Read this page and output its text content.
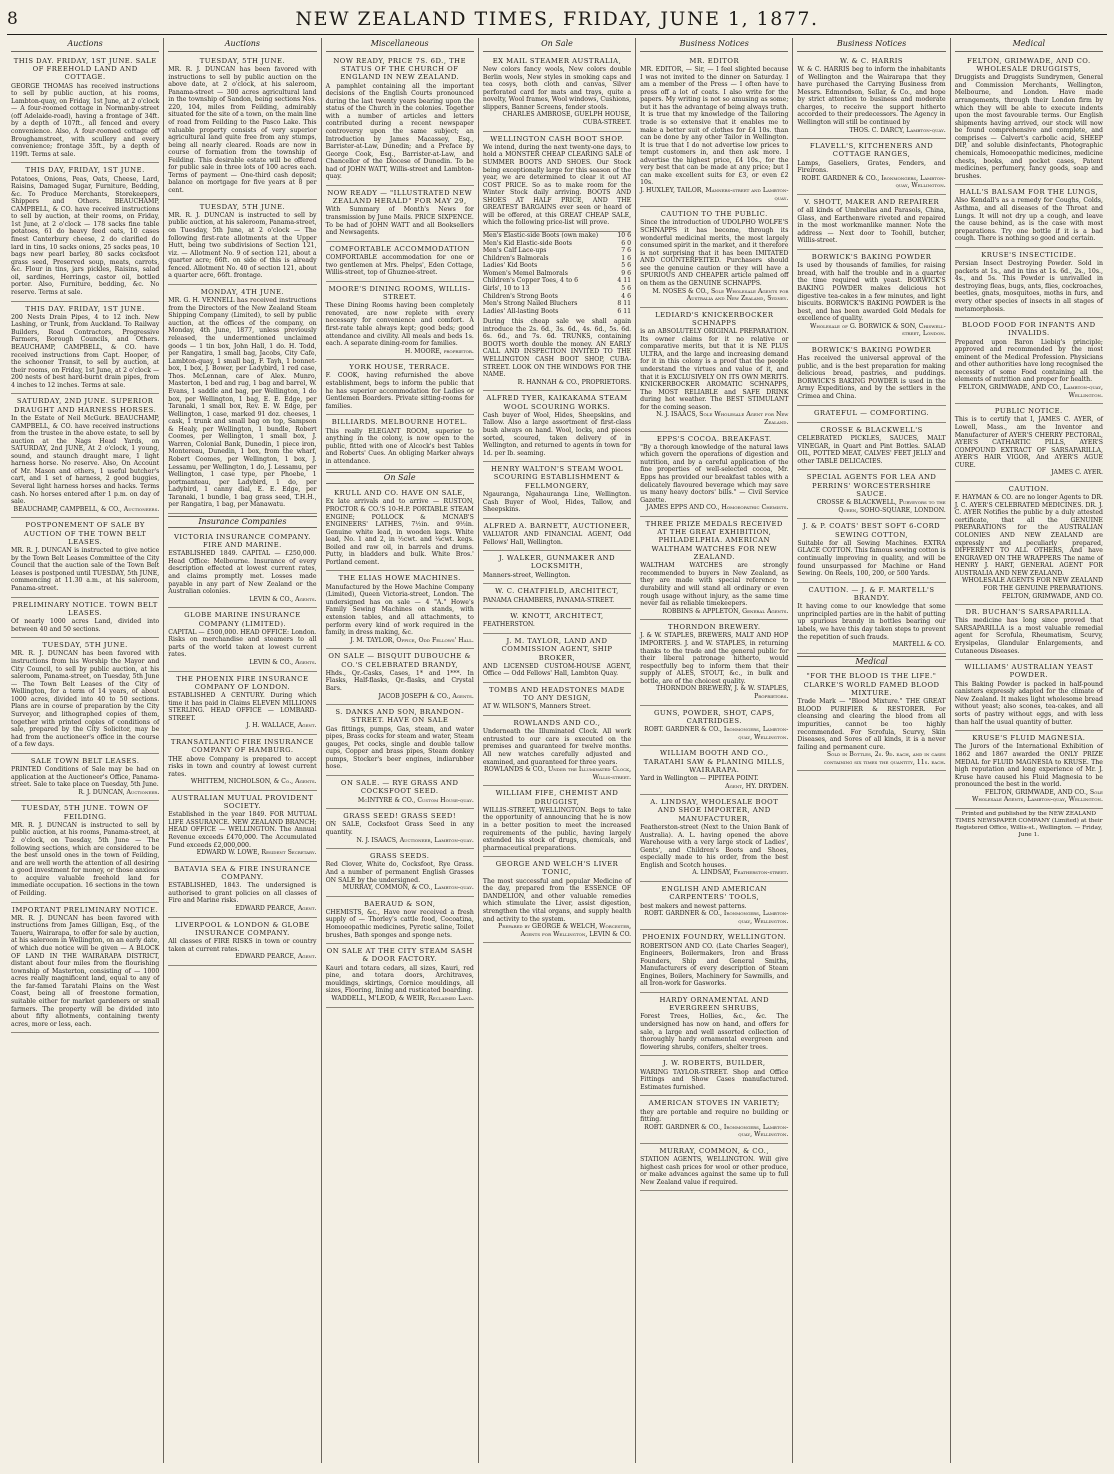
8	NEW ZEALAND TIMES, FRIDAY, JUNE 1, 1877.
Auctions
THIS DAY. FRIDAY, 1ST JUNE. SALE OF FREEHOLD LAND AND COTTAGE.
GEORGE THOMAS has received instructions to sell by public auction, at his rooms, Lambton-quay, on Friday, 1st June, at 2 o'clock — A four-roomed cottage in Normanby-street (off Adelaide-road), having a frontage of 34ft. by a depth of 107ft., all fenced and every convenience. Also, A four-roomed cottage off Broughamstreet, with scullery and every convenience; frontage 35ft., by a depth of 119ft. Terms at sale.
THIS DAY, FRIDAY, 1ST JUNE.
Potatoes, Onions, Peas, Oats, Cheese, Lard, Raisins, Damaged Sugar, Furniture, Bedding, &c. To Produce Merchants, Storekeepers, Shippers and Others. BEAUCHAMP, CAMPBELL, & CO. have received instructions to sell by auction, at their rooms, on Friday, 1st June, at 2 o'clock — 178 sacks fine table potatoes, 61 do heavy feed oats, 10 cases finest Canterbury cheese, 2 do clarified do lard in tins, 10 sacks onions, 25 sacks peas, 10 bags new pearl barley, 80 sacks cocksfoot grass seed, Preserved soup, meats, carrots, &c. Flour in tins, jars pickles, Raisins, salad oil, sardines, Herrings, castor oil, bottled porter. Also, Furniture, bedding, &c. No reserve. Terms at sale.
THIS DAY. FRIDAY, 1ST JUNE.
200 Nests Drain Pipes, 4 to 12 inch. New Lashing, or Trunk, from Auckland. To Railway Builders, Road Contractors, Progressive Farmers, Borough Councils, and Others. BEAUCHAMP, CAMPBELL, & CO. have received instructions from Capt. Hooper, of the schooner Transit, to sell by auction, at their rooms, on Friday, 1st June, at 2 o'clock — 200 nests of best hard-burnt drain pipes, from 4 inches to 12 inches. Terms at sale.
SATURDAY, 2ND JUNE. SUPERIOR DRAUGHT AND HARNESS HORSES.
In the Estate of Neil McGurk. BEAUCHAMP, CAMPBELL, & CO. have received instructions from the trustee in the above estate, to sell by auction at the Nags Head Yards, on SATURDAY, 2nd JUNE, At 2 o'clock, 1 young, sound, and staunch draught mare, 1 light harness horse. No reserve. Also, On Account of Mr. Mason and others, 1 useful butcher's cart, and 1 set of harness, 2 good buggies, Several light harness horses and hacks. Terms cash. No horses entered after 1 p.m. on day of sale.
BEAUCHAMP, CAMPBELL, & CO., Auctioneers.
POSTPONEMENT OF SALE BY AUCTION OF THE TOWN BELT LEASES.
MR. R. J. DUNCAN is instructed to give notice by the Town Belt Leases Committee of the City Council that the auction sale of the Town Belt Leases is postponed until TUESDAY, 5th JUNE, commencing at 11.30 a.m., at his saleroom, Panama-street.
PRELIMINARY NOTICE. TOWN BELT LEASES.
Of nearly 1000 acres Land, divided into between 40 and 50 sections.
TUESDAY, 5TH JUNE.
MR. R. J. DUNCAN has been favored with instructions from his Worship the Mayor and City Council, to sell by public auction, at his saleroom, Panama-street, on Tuesday, 5th June — The Town Belt Leases of the City of Wellington, for a term of 14 years, of about 1000 acres, divided into 40 to 50 sections. Plans are in course of preparation by the City Surveyor, and lithographed copies of them, together with printed copies of conditions of sale, prepared by the City Solicitor, may be had from the auctioneer's office in the course of a few days.
SALE TOWN BELT LEASES.
PRINTED Conditions of Sale may be had on application at the Auctioneer's Office, Panama-street. Sale to take place on Tuesday, 5th June.
R. J. DUNCAN, Auctioneer.
TUESDAY, 5TH JUNE. TOWN OF FEILDING.
MR. R. J. DUNCAN is instructed to sell by public auction, at his rooms, Panama-street, at 2 o'clock, on Tuesday, 5th June — The following sections, which are considered to be the best unsold ones in the town of Feilding, and are well worth the attention of all desiring a good investment for money, or those anxious to acquire valuable freehold land for immediate occupation. 16 sections in the town of Feilding.
IMPORTANT PRELIMINARY NOTICE.
MR. R. J. DUNCAN has been favored with instructions from James Gilligan, Esq., of the Taueru, Wairarapa, to offer for sale by auction, at his saleroom in Wellington, on an early date, of which due notice will be given — A BLOCK OF LAND IN THE WAIRARAPA DISTRICT, distant about four miles from the flourishing township of Masterton, consisting of — 1000 acres really magnificent land, equal to any of the far-famed Taratahi Plains on the West Coast, being all of freestone formation, suitable either for market gardeners or small farmers. The property will be divided into about fifty allotments, containing twenty acres, more or less, each.
Auctions
TUESDAY, 5TH JUNE.
MR. R. J. DUNCAN has been favored with instructions to sell by public auction on the above date, at 2 o'clock, at his saleroom, Panama-street — 300 acres agricultural land in the township of Sandon, being sections Nos. 220, 104, miles from Feilding, admirably situated for the site of a town, on the main line of road from Feilding to the Pasco Lake. This valuable property consists of very superior agricultural land quite free from any stumps, being all nearly cleared. Roads are now in course of formation from the township of Feilding. This desirable estate will be offered for public sale in three lots of 100 acres each. Terms of payment — One-third cash deposit; balance on mortgage for five years at 8 per cent.
TUESDAY, 5TH JUNE.
MR. R. J. DUNCAN is instructed to sell by public auction, at his saleroom, Panama-street, on Tuesday, 5th June, at 2 o'clock — The following first-rate allotments at the Upper Hutt, being two subdivisions of Section 121, viz. — Allotment No. 9 of section 121, about a quarter acre; 66ft. on side of this is already fenced. Allotment No. 40 of section 121, about a quarter acre, 66ft. frontage.
MONDAY, 4TH JUNE.
MR. G. H. VENNELL has received instructions from the Directors of the New Zealand Steam Shipping Company (Limited), to sell by public auction, at the offices of the company, on Monday, 4th June, 1877, unless previously released, the undermentioned unclaimed goods — 1 tin box, John Hall, 1 do. H. Todd, per Rangatira, 1 small bag, Jacobs, City Cafe, Lambton-quay, 1 small bag, F. Tayh, 1 bonnet-box, 1 box, J. Bower, per Ladybird, 1 red case, Thos. McLennan, care of Alex. Munro, Masterton, 1 bed and rug, 1 bag and barrel, W. Evans, 1 saddle and bag, per Wellington, 1 do box, per Wellington, 1 bag, E. E. Edge, per Taranaki, 1 small box, Rev. E. W. Edge, per Wellington, 1 case, marked 91 doz. cheeses, 1 cask, 1 trunk and small bag on top, Sampson & Healy, per Wellington, 1 bundle, Robert Coomes, per Wellington, 1 small box, J. Warren, Colonial Bank, Dunedin, 1 piece iron, Montereau, Dunedin, 1 box, from the wharf, Robert Coomes, per Wellington, 1 box, J. Lessamu, per Wellington, 1 do, J. Lessamu, per Wellington, 1 case type, per Phoebe, 1 portmanteau, per Ladybird, 1 do, per Ladybird, 1 canny dial, E. E. Edge, per Taranaki, 1 bundle, 1 bag grass seed, T.H.H., per Rangatira, 1 bag, per Manawatu.
Insurance Companies
VICTORIA INSURANCE COMPANY. FIRE AND MARINE.
ESTABLISHED 1849. CAPITAL — £250,000. Head Office: Melbourne. Insurance of every description effected at lowest current rates, and claims promptly met. Losses made payable in any part of New Zealand or the Australian colonies.
LEVIN & CO., Agents.
GLOBE MARINE INSURANCE COMPANY (LIMITED).
CAPITAL — £500,000. HEAD OFFICE: London. Risks on merchandise and steamers to all parts of the world taken at lowest current rates.
LEVIN & CO., Agents.
THE PHOENIX FIRE INSURANCE COMPANY OF LONDON.
ESTABLISHED A CENTURY. During which time it has paid in Claims ELEVEN MILLIONS STERLING. HEAD OFFICE — LOMBARD-STREET.
J. H. WALLACE, Agent.
TRANSATLANTIC FIRE INSURANCE COMPANY OF HAMBURG.
THE above Company is prepared to accept risks in town and country at lowest current rates.
WHITTEM, NICHOLSON, & Co., Agents.
AUSTRALIAN MUTUAL PROVIDENT SOCIETY.
Established in the year 1849. FOR MUTUAL LIFE ASSURANCE. NEW ZEALAND BRANCH; HEAD OFFICE — WELLINGTON. The Annual Revenue exceeds £470,000. The Accumulated Fund exceeds £2,000,000.
EDWARD W. LOWE, Resident Secretary.
BATAVIA SEA & FIRE INSURANCE COMPANY.
ESTABLISHED, 1843. The undersigned is authorised to grant policies on all classes of Fire and Marine risks.
EDWARD PEARCE, Agent.
LIVERPOOL & LONDON & GLOBE INSURANCE COMPANY.
All classes of FIRE RISKS in town or country taken at current rates.
EDWARD PEARCE, Agent.
Miscellaneous
NOW READY, PRICE 7S. 6D., THE STATUS OF THE CHURCH OF ENGLAND IN NEW ZEALAND.
A pamphlet containing all the important decisions of the English Courts pronounced during the last twenty years bearing upon the status of the Church in the colonies. Together with a number of articles and letters contributed during a recent newspaper controversy upon the same subject; an Introduction by James Macassey, Esq., Barrister-at-Law, Dunedin; and a Preface by George Cook, Esq., Barrister-at-Law, and Chancellor of the Diocese of Dunedin. To be had of JOHN WATT, Willis-street and Lambton-quay.
NOW READY — "ILLUSTRATED NEW ZEALAND HERALD" FOR MAY 29,
With Summary of Month's News for transmission by June Mails. PRICE SIXPENCE. To be had of JOHN WATT and all Booksellers and Newsagents.
COMFORTABLE ACCOMMODATION
COMFORTABLE accommodation for one or two gentlemen at Mrs. Phelps', Eden Cottage, Willis-street, top of Ghuznee-street.
MOORE'S DINING ROOMS, WILLIS-STREET.
These Dining Rooms having been completely renovated, are now replete with every necessary for convenience and comfort. A first-rate table always kept; good beds; good attendance and civility. All meals and beds 1s. each. A separate dining-room for families.
H. MOORE, proprietor.
YORK HOUSE, TERRACE.
F. COOK, having refurnished the above establishment, begs to inform the public that he has superior accommodation for Ladies or Gentlemen Boarders. Private sitting-rooms for families.
BILLIARDS. MELBOURNE HOTEL.
This really ELEGANT ROOM, superior to anything in the colony, is now open to the public, fitted with one of Alcock's best Tables and Roberts' Cues. An obliging Marker always in attendance.
On Sale
KRULL AND CO. HAVE ON SALE,
Ex late arrivals and to arrive — RUSTON, PROCTOR & CO.'S 10-H.P. PORTABLE STEAM ENGINE; POLLOCK & MCNAB'S ENGINEERS' LATHES, 7½in. and 9½in. Genuine white lead, in wooden kegs. White lead, No. 1 and 2, in ½cwt. and ¼cwt. kegs. Boiled and raw oil, in barrels and drums. Putty, in bladders and bulk. White Bros.' Portland cement.
THE ELIAS HOWE MACHINES.
Manufactured by the Howe Machine Company (Limited), Queen Victoria-street, London. The undersigned has on sale — 4 "A." Howe's Family Sewing Machines on stands, with extension tables, and all attachments, to perform every kind of work required in the family, in dress making, &c.
J. M. TAYLOR, Office, Odd Fellows' Hall.
ON SALE — BISQUIT DUBOUCHE & CO.'S CELEBRATED BRANDY,
Hhds., Qr.-Casks, Cases, 1* and 1***. In Flasks, Half-flasks, Qr.-flasks, and Crystal Bars.
JACOB JOSEPH & CO., Agents.
S. DANKS AND SON, BRANDON-STREET. HAVE ON SALE
Gas fittings, pumps, Gas, steam, and water pipes, Brass cocks for steam and water, Steam gauges, Pet cocks, single and double tallow cups, Copper and brass pipes, Steam donkey pumps, Stocker's beer engines, indiarubber hose.
ON SALE. — RYE GRASS AND COCKSFOOT SEED.
McINTYRE & CO., Custom House-quay.
GRASS SEED! GRASS SEED!
ON SALE, Cocksfoot Grass Seed in any quantity.
N. J. ISAACS, Auctioneer, Lambton-quay.
GRASS SEEDS.
Red Clover, White do, Cocksfoot, Rye Grass. And a number of permanent English Grasses ON SALE by the undersigned.
MURRAY, COMMON, & CO., Lambton-quay.
BAERAUD & SON,
CHEMISTS, &c., Have now received a fresh supply of — Thorley's cattle food, Cocoatina, Homoeopathic medicines, Pyretic saline, Toilet brushes, Bath sponges and sponge nets.
ON SALE AT THE CITY STEAM SASH & DOOR FACTORY.
Kauri and totara cedars, all sizes, Kauri, red pine, and totara doors, Architraves, mouldings, skirtings, Cornice mouldings, all sizes, Flooring, lining and rusticated boarding.
WADDELL, M'LEOD, & WEIR, Reclaimed Land.
On Sale
EX MAIL STEAMER AUSTRALIA,
New colors fancy wools, New colors double Berlin wools, New styles in smoking caps and tea cosys, both cloth and canvas, Silver perforated card for mats and trays, quite a novelty, Wool frames, Wool windows, Cushions, slippers, Banner Screens, fender stools.
CHARLES AMBROSE, GUELPH HOUSE, CUBA-STREET.
WELLINGTON CASH BOOT SHOP.
We intend, during the next twenty-one days, to hold a MONSTER CHEAP CLEARING SALE of SUMMER BOOTS AND SHOES. Our Stock being exceptionally large for this season of the year, we are determined to clear it out AT COST PRICE. So as to make room for the Winter Stock daily arriving. BOOTS AND SHOES AT HALF PRICE, AND THE GREATEST BARGAINS ever seen or heard of will be offered, at this GREAT CHEAP SALE, which the following price-list will prove.
Men's Elastic-side Boots (own make)	10 6
Men's Kid Elastic-side Boots	6 0
Men's Calf Lace-ups	7 6
Children's Balmorals	1 6
Ladies' Kid Boots	5 6
Women's Memel Balmorals	9 6
Children's Copper Toes, 4 to 6	4 11
Girls', 10 to 13	5 6
Children's Strong Boots	4 6
Men's Strong Nailed Bluchers	8 11
Ladies' All-lasting Boots	6 11
During this cheap sale we shall again introduce the 2s. 6d., 3s. 6d., 4s. 6d., 5s. 6d. 6s. 6d., and 7s. 6d. TRUNKS, containing BOOTS worth double the money. AN EARLY CALL AND INSPECTION INVITED TO THE WELLINGTON CASH BOOT SHOP, CUBA-STREET. LOOK ON THE WINDOWS FOR THE NAME.
R. HANNAH & CO., PROPRIETORS.
ALFRED TYER, KAIKAKAMA STEAM WOOL SCOURING WORKS.
Cash buyer of Wool, Hides, Sheepskins, and Tallow. Also a large assortment of first-class bush always on hand. Wool, locks, and pieces sorted, scoured, taken delivery of in Wellington, and returned to agents in town for 1d. per lb. seaming.
HENRY WALTON'S STEAM WOOL SCOURING ESTABLISHMENT & FELLMONGERY,
Ngauranga, Ngahauranga Line, Wellington. Cash Buyer of Wool, Hides, Tallow, and Sheepskins.
ALFRED A. BARNETT, AUCTIONEER,
VALUATOR AND FINANCIAL AGENT, Odd Fellows' Hall, Wellington.
J. WALKER, GUNMAKER AND LOCKSMITH,
Manners-street, Wellington.
W. C. CHATFIELD, ARCHITECT,
PANAMA CHAMBERS, PANAMA-STREET.
W. KNOTT, ARCHITECT,
FEATHERSTON.
J. M. TAYLOR, LAND AND COMMISSION AGENT, SHIP BROKER,
AND LICENSED CUSTOM-HOUSE AGENT, Office — Odd Fellows' Hall, Lambton Quay.
TOMBS AND HEADSTONES MADE TO ANY DESIGN,
AT W. WILSON'S, Manners Street.
ROWLANDS AND CO.,
Underneath the Illuminated Clock. All work entrusted to our care is executed on the premises and guaranteed for twelve months. All new watches carefully adjusted and examined, and guaranteed for three years.
ROWLANDS & CO., Under the Illuminated Clock, Willis-street.
WILLIAM FIFE, CHEMIST AND DRUGGIST,
WILLIS-STREET, WELLINGTON. Begs to take the opportunity of announcing that he is now in a better position to meet the increased requirements of the public, having largely extended his stock of drugs, chemicals, and pharmaceutical preparations.
GEORGE AND WELCH'S LIVER TONIC,
The most successful and popular Medicine of the day, prepared from the ESSENCE OF DANDELION, and other valuable remedies which stimulate the Liver, assist digestion, strengthen the vital organs, and supply health and activity to the system.
Prepared by GEORGE & WELCH, Worcester, Agents for Wellington, LEVIN & CO.
Business Notices
MR. EDITOR
MR. EDITOR, — Sir, — I feel slighted because I was not invited to the dinner on Saturday. I am a member of the Press — I often have to press off a lot of coats. I also write for the papers. My writing is not so amusing as some; but it has the advantage of being always truth. It is true that my knowledge of the Tailoring trade is so extensive that it enables me to make a better suit of clothes for £4 10s. than can be done by any other Tailor in Wellington. It is true that I do not advertise low prices to tempt customers in, and then ask more. I advertise the highest price, £4 10s., for the very best that can be made at any price; but I can make excellent suits for £3, or even £2 10s.
J. HUXLEY, TAILOR, Manners-street and Lambton-quay.
CAUTION TO THE PUBLIC.
Since the introduction of UDOLPHO WOLFE'S SCHNAPPS it has become, through its wonderful medicinal merits, the most largely consumed spirit in the market, and it therefore is not surprising that it has been IMITATED AND COUNTERFEITED. Purchasers should see the genuine caution or they will have a SPURIOUS AND CHEAPER article palmed off on them as the GENUINE SCHNAPPS.
M. NOSES & CO., Sole Wholesale Agents for Australia and New Zealand, Sydney.
LEDIARD'S KNICKERBOCKER SCHNAPPS
is an ABSOLUTELY ORIGINAL PREPARATION. Its owner claims for it no relative or comparative merits, but that it is NE PLUS ULTRA, and the large and increasing demand for it in this colony is a proof that the people understand the virtues and value of it, and that it is EXCLUSIVELY ON ITS OWN MERITS. KNICKERBOCKER AROMATIC SCHNAPPS, The MOST RELIABLE and SAFE DRINK during hot weather. The BEST STIMULANT for the coming season.
N. J. ISAACS, Sole Wholesale Agent for New Zealand.
EPPS'S COCOA. BREAKFAST.
"By a thorough knowledge of the natural laws which govern the operations of digestion and nutrition, and by a careful application of the fine properties of well-selected cocoa, Mr. Epps has provided our breakfast tables with a delicately flavoured beverage which may save us many heavy doctors' bills." — Civil Service Gazette.
JAMES EPPS AND CO., Homoeopathic Chemists.
THREE PRIZE MEDALS RECEIVED AT THE GREAT EXHIBITION, PHILADELPHIA. AMERICAN WALTHAM WATCHES FOR NEW ZEALAND.
WALTHAM WATCHES are strongly recommended to buyers in New Zealand, as they are made with special reference to durability and will stand all ordinary or even rough usage without injury, as the same time never fail as reliable timekeepers.
ROBBINS & APPLETON, General Agents.
THORNDON BREWERY.
J. & W. STAPLES, BREWERS, MALT AND HOP IMPORTERS. J. and W. STAPLES, in returning thanks to the trade and the general public for their liberal patronage hitherto, would respectfully beg to inform them that their supply of ALES, STOUT, &c., in bulk and bottle, are of the choicest quality.
THORNDON BREWERY, J. & W. STAPLES, Proprietors.
GUNS, POWDER, SHOT, CAPS, CARTRIDGES.
ROBT. GARDNER & CO., Ironmongers, Lambton-quay, Wellington.
WILLIAM BOOTH AND CO., TARATAHI SAW & PLANING MILLS, WAIRARAPA.
Yard in Wellington — PIPITEA POINT.
Agent, HY. DRYDEN.
A. LINDSAY, WHOLESALE BOOT AND SHOE IMPORTER, AND MANUFACTURER,
Featherston-street (Next to the Union Bank of Australia). A. L. having opened the above Warehouse with a very large stock of Ladies', Gents', and Children's Boots and Shoes, especially made to his order, from the best English and Scotch houses.
A. LINDSAY, Featherston-street.
ENGLISH AND AMERICAN CARPENTERS' TOOLS,
best makers and newest patterns.
ROBT. GARDNER & CO., Ironmongers, Lambton-quay, Wellington.
PHOENIX FOUNDRY, WELLINGTON.
ROBERTSON AND CO. (Late Charles Seager), Engineers, Boilermakers, Iron and Brass Founders, Ship and General Smiths, Manufacturers of every description of Steam Engines, Boilers, Machinery for Sawmills, and all Iron-work for Gasworks.
HARDY ORNAMENTAL AND EVERGREEN SHRUBS,
Forest Trees, Hollies, &c., &c. The undersigned has now on hand, and offers for sale, a large and well assorted collection of thoroughly hardy ornamental evergreen and flowering shrubs, conifers, shelter trees.
J. W. ROBERTS, BUILDER,
WARING TAYLOR-STREET. Shop and Office Fittings and Show Cases manufactured. Estimates furnished.
AMERICAN STOVES IN VARIETY;
they are portable and require no building or fitting.
ROBT. GARDNER & CO., Ironmongers, Lambton-quay, Wellington.
MURRAY, COMMON, & CO.,
STATION AGENTS, WELLINGTON. Will give highest cash prices for wool or other produce, or make advances against the same up to full New Zealand value if required.
Business Notices
W. & C. HARRIS
W. & C. HARRIS beg to inform the inhabitants of Wellington and the Wairarapa that they have purchased the Carrying Business from Messrs. Edmondson, Sellar, & Co., and hope by strict attention to business and moderate charges, to receive the support hitherto accorded to their predecessors. The Agency in Wellington will still be continued by
THOS. C. DARCY, Lambton-quay.
FLAVELL'S, KITCHENERS AND COTTAGE RANGES,
Lamps, Gaseliers, Grates, Fenders, and Fireirons.
ROBT. GARDNER & CO., Ironmongers, Lambton-quay, Wellington.
V. SHOTT, MAKER AND REPAIRER
of all kinds of Umbrellas and Parasols, China, Glass, and Earthenware riveted and repaired in the most workmanlike manner. Note the address — Next door to Toohill, butcher, Willis-street.
BORWICK'S BAKING POWDER
Is used by thousands of families, for raising bread, with half the trouble and in a quarter the time required with yeast. BORWICK'S BAKING POWDER makes delicious hot digestive tea-cakes in a few minutes, and light biscuits. BORWICK'S BAKING POWDER is the best, and has been awarded Gold Medals for excellence of quality.
Wholesale of G. BORWICK & SON, Chiswell-street, London.
BORWICK'S BAKING POWDER
Has received the universal approval of the public, and is the best preparation for making delicious bread, pastries, and puddings. BORWICK'S BAKING POWDER is used in the Army Expeditions, and by the settlers in the Crimea and China.
GRATEFUL — COMFORTING.
CROSSE & BLACKWELL'S
CELEBRATED PICKLES, SAUCES, MALT VINEGAR, in Quart and Pint Bottles. SALAD OIL, POTTED MEAT, CALVES' FEET JELLY and other TABLE DELICACIES.
SPECIAL AGENTS FOR LEA AND PERRINS' WORCESTERSHIRE SAUCE.
CROSSE & BLACKWELL, Purveyors to the Queen, SOHO-SQUARE, LONDON.
J. & P. COATS' BEST SOFT 6-CORD SEWING COTTON,
Suitable for all Sewing Machines. EXTRA GLACE COTTON. This famous sewing cotton is continually improving in quality, and will be found unsurpassed for Machine or Hand Sewing. On Reels, 100, 200, or 500 Yards.
CAUTION. — J. & F. MARTELL'S BRANDY.
It having come to our knowledge that some unprincipled parties are in the habit of putting up spurious brandy in bottles bearing our labels, we have this day taken steps to prevent the repetition of such frauds.
MARTELL & CO.
Medical
"FOR THE BLOOD IS THE LIFE." CLARKE'S WORLD FAMED BLOOD MIXTURE.
Trade Mark — "Blood Mixture." THE GREAT BLOOD PURIFIER & RESTORER. For cleansing and clearing the blood from all impurities, cannot be too highly recommended. For Scrofula, Scurvy, Skin Diseases, and Sores of all kinds, it is a never failing and permanent cure.
Sold in Bottles, 2s. 9d. each, and in cases containing six times the quantity, 11s. each.
Medical
FELTON, GRIMWADE, AND CO. WHOLESALE DRUGGISTS,
Druggists and Druggists Sundrymen, General and Commission Merchants, Wellington, Melbourne, and London. Have made arrangements, through their London firm by which they will be able to execute indents upon the most favourable terms. Our English shipments having arrived, our stock will now be found comprehensive and complete, and comprises — Calvert's carbolic acid, SHEEP DIP, and soluble disinfectants, Photographic chemicals, Homoeopathic medicines, medicine chests, books, and pocket cases, Patent medicines, perfumery, fancy goods, soap and brushes.
HALL'S BALSAM FOR THE LUNGS,
Also Kendall's as a remedy for Coughs, Colds, Asthma, and all diseases of the Throat and Lungs. It will not dry up a cough, and leave the cause behind, as is the case with most preparations. Try one bottle if it is a bad cough. There is nothing so good and certain.
KRUSE'S INSECTICIDE.
Persian Insect Destroying Powder. Sold in packets at 1s., and in tins at 1s. 6d., 2s., 10s., 4s., and 5s. This Powder is unrivalled in destroying fleas, bugs, ants, flies, cockroaches, beetles, gnats, mosquitoes, moths in furs, and every other species of insects in all stages of metamorphosis.
BLOOD FOOD FOR INFANTS AND INVALIDS.
Prepared upon Baron Liebig's principle; approved and recommended by the most eminent of the Medical Profession. Physicians and other authorities have long recognised the necessity of some Food containing all the elements of nutrition and proper for health.
FELTON, GRIMWADE, AND CO., Lambton-quay, Wellington.
PUBLIC NOTICE.
This is to certify that I, JAMES C. AYER, of Lowell, Mass., am the Inventor and Manufacturer of AYER'S CHERRY PECTORAL, AYER'S CATHARTIC PILLS, AYER'S COMPOUND EXTRACT OF SARSAPARILLA, AYER'S HAIR VIGOR, And AYER'S AGUE CURE.
JAMES C. AYER.
CAUTION.
F. HAYMAN & CO. are no longer Agents to DR. J. C. AYER'S CELEBRATED MEDICINES. DR. J. C. AYER Notifies the public by a duly attested certificate, that all the GENUINE PREPARATIONS for the AUSTRALIAN COLONIES AND NEW ZEALAND are expressly and peculiarly prepared, DIFFERENT TO ALL OTHERS, And have ENGRAVED ON THE WRAPPERS The name of HENRY J. HART, GENERAL AGENT FOR AUSTRALIA AND NEW ZEALAND.
WHOLESALE AGENTS FOR NEW ZEALAND FOR THE GENUINE PREPARATIONS. FELTON, GRIMWADE, AND CO.
DR. BUCHAN'S SARSAPARILLA.
This medicine has long since proved that SARSAPARILLA is a most valuable remedial agent for Scrofula, Rheumatism, Scurvy, Erysipelas, Glandular Enlargements, and Cutaneous Diseases.
WILLIAMS' AUSTRALIAN YEAST POWDER.
This Baking Powder is packed in half-pound canisters expressly adapted for the climate of New Zealand. It makes light wholesome bread without yeast; also scones, tea-cakes, and all sorts of pastry without eggs, and with less than half the usual quantity of butter.
KRUSE'S FLUID MAGNESIA.
The Jurors of the International Exhibition of 1862 and 1867 awarded the ONLY PRIZE MEDAL for FLUID MAGNESIA to KRUSE. The high reputation and long experience of Mr. J. Kruse have caused his Fluid Magnesia to be pronounced the best in the world.
FELTON, GRIMWADE, AND CO., Sole Wholesale Agents, Lambton-quay, Wellington.
Printed and published by the NEW ZEALAND TIMES NEWSPAPER COMPANY (Limited) at their Registered Office, Willis-st., Wellington. — Friday, June 1.
